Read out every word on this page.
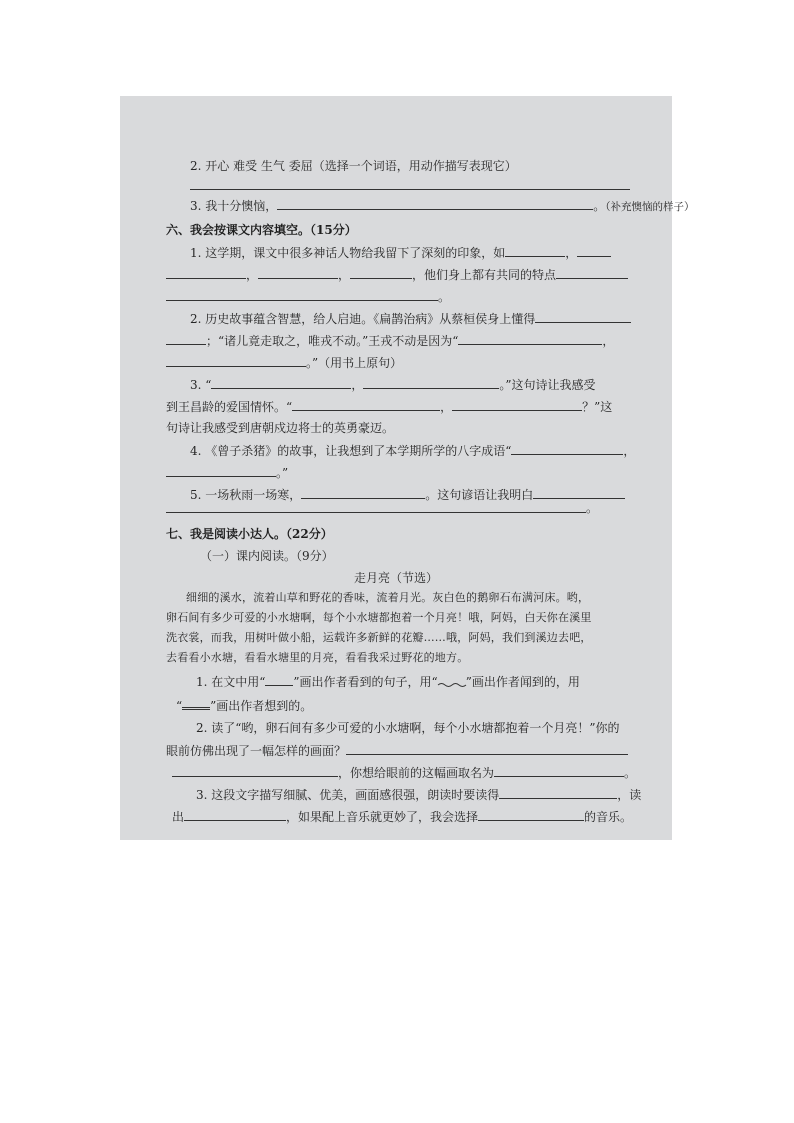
2. 开心 难受 生气 委屈（选择一个词语，用动作描写表现它）
3. 我十分懊恼，	。（补充懊恼的样子）
六、我会按课文内容填空。（15分）
1. 这学期，课文中很多神话人物给我留下了深刻的印象，如	，
，	，	，他们身上都有共同的特点
。
2. 历史故事蕴含智慧，给人启迪。《扁鹊治病》从蔡桓侯身上懂得
；“诸儿竟走取之，唯戎不动。”王戎不动是因为“	，
。”（用书上原句）
3. “	，	。”这句诗让我感受
到王昌龄的爱国情怀。“	，	？”这
句诗让我感受到唐朝戍边将士的英勇豪迈。
4. 《曾子杀猪》的故事，让我想到了本学期所学的八字成语“	，
。”
5. 一场秋雨一场寒，	。这句谚语让我明白
。
七、我是阅读小达人。（22分）
（一）课内阅读。（9分）
走月亮（节选）
细细的溪水，流着山草和野花的香味，流着月光。灰白色的鹅卵石布满河床。哟，
卵石间有多少可爱的小水塘啊，每个小水塘都抱着一个月亮！哦，阿妈，白天你在溪里
洗衣裳，而我，用树叶做小船，运载许多新鲜的花瓣……哦，阿妈，我们到溪边去吧，
去看看小水塘，看看水塘里的月亮，看看我采过野花的地方。
1. 在文中用“ ”画出作者看到的句子，用“ ”画出作者闻到的，用
“ ”画出作者想到的。
2. 读了“哟，卵石间有多少可爱的小水塘啊，每个小水塘都抱着一个月亮！”你的
眼前仿佛出现了一幅怎样的画面？
，你想给眼前的这幅画取名为	。
3. 这段文字描写细腻、优美，画面感很强，朗读时要读得	，读
出	，如果配上音乐就更妙了，我会选择	的音乐。
